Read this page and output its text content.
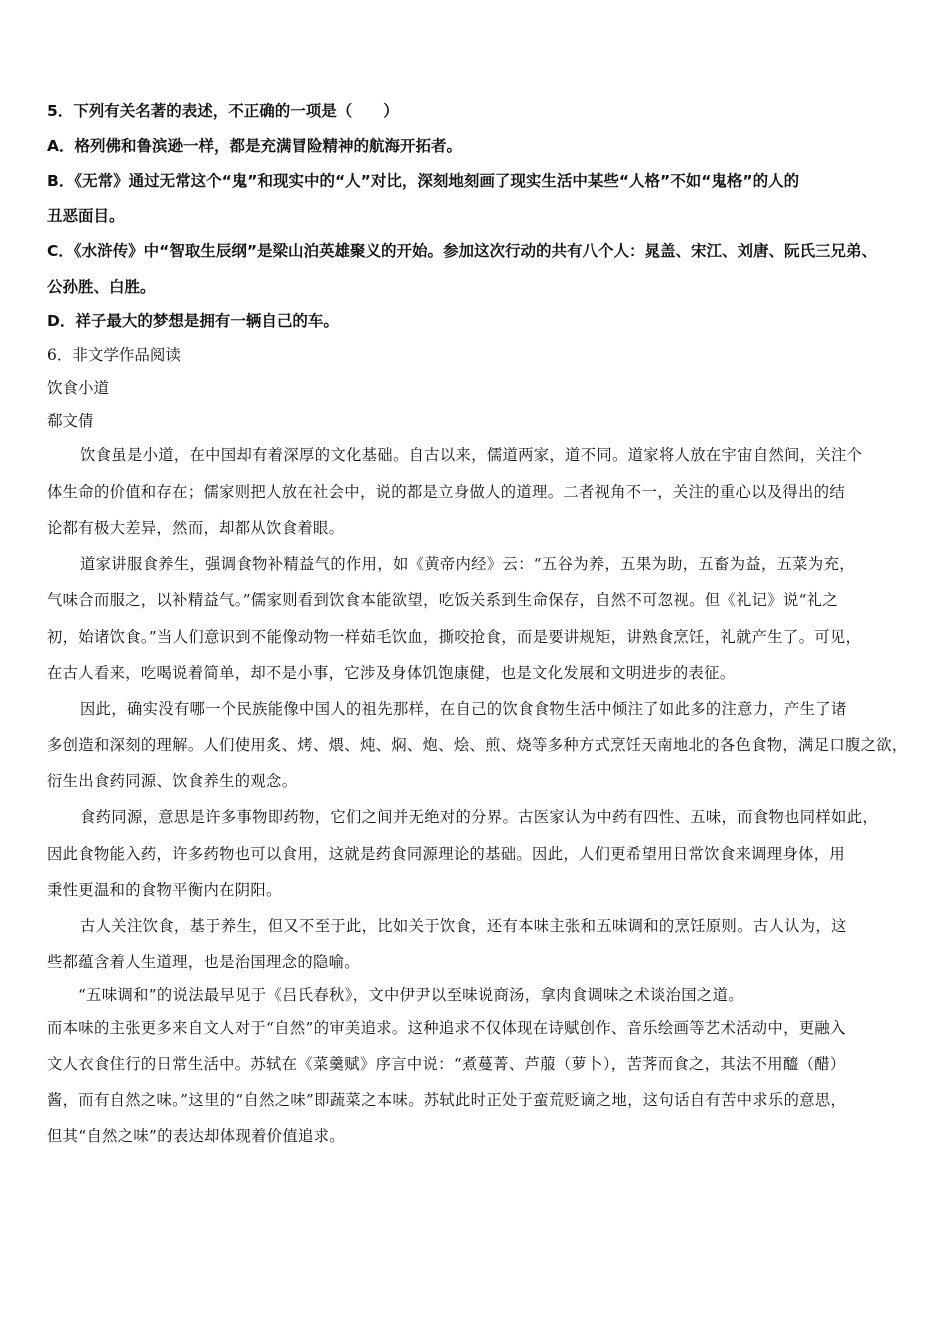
5．下列有关名著的表述，不正确的一项是（　　）
A．格列佛和鲁滨逊一样，都是充满冒险精神的航海开拓者。
B．《无常》通过无常这个“鬼”和现实中的“人”对比，深刻地刻画了现实生活中某些“人格”不如“鬼格”的人的
丑恶面目。
C．《水浒传》中“智取生辰纲”是梁山泊英雄聚义的开始。参加这次行动的共有八个人：晁盖、宋江、刘唐、阮氏三兄弟、
公孙胜、白胜。
D．祥子最大的梦想是拥有一辆自己的车。
6．非文学作品阅读
饮食小道
郗文倩
饮食虽是小道，在中国却有着深厚的文化基础。自古以来，儒道两家，道不同。道家将人放在宇宙自然间，关注个
体生命的价值和存在；儒家则把人放在社会中，说的都是立身做人的道理。二者视角不一，关注的重心以及得出的结
论都有极大差异，然而，却都从饮食着眼。
道家讲服食养生，强调食物补精益气的作用，如《黄帝内经》云：“五谷为养，五果为助，五畜为益，五菜为充，
气味合而服之，以补精益气。”儒家则看到饮食本能欲望，吃饭关系到生命保存，自然不可忽视。但《礼记》说“礼之
初，始诸饮食。”当人们意识到不能像动物一样茹毛饮血，撕咬抢食，而是要讲规矩，讲熟食烹饪，礼就产生了。可见，
在古人看来，吃喝说着简单，却不是小事，它涉及身体饥饱康健，也是文化发展和文明进步的表征。
因此，确实没有哪一个民族能像中国人的祖先那样，在自己的饮食食物生活中倾注了如此多的注意力，产生了诸
多创造和深刻的理解。人们使用炙、烤、煨、炖、焖、炮、烩、煎、烧等多种方式烹饪天南地北的各色食物，满足口腹之欲，
衍生出食药同源、饮食养生的观念。
食药同源，意思是许多事物即药物，它们之间并无绝对的分界。古医家认为中药有四性、五味，而食物也同样如此，
因此食物能入药，许多药物也可以食用，这就是药食同源理论的基础。因此，人们更希望用日常饮食来调理身体，用
秉性更温和的食物平衡内在阴阳。
古人关注饮食，基于养生，但又不至于此，比如关于饮食，还有本味主张和五味调和的烹饪原则。古人认为，这
些都蕴含着人生道理，也是治国理念的隐喻。
“五味调和”的说法最早见于《吕氏春秋》，文中伊尹以至味说商汤，拿肉食调味之术谈治国之道。
而本味的主张更多来自文人对于“自然”的审美追求。这种追求不仅体现在诗赋创作、音乐绘画等艺术活动中，更融入
文人衣食住行的日常生活中。苏轼在《菜羹赋》序言中说：“煮蔓菁、芦菔（萝卜），苦荠而食之，其法不用醯（醋）
酱，而有自然之味。”这里的“自然之味”即蔬菜之本味。苏轼此时正处于蛮荒贬谪之地，这句话自有苦中求乐的意思，
但其“自然之味”的表达却体现着价值追求。
